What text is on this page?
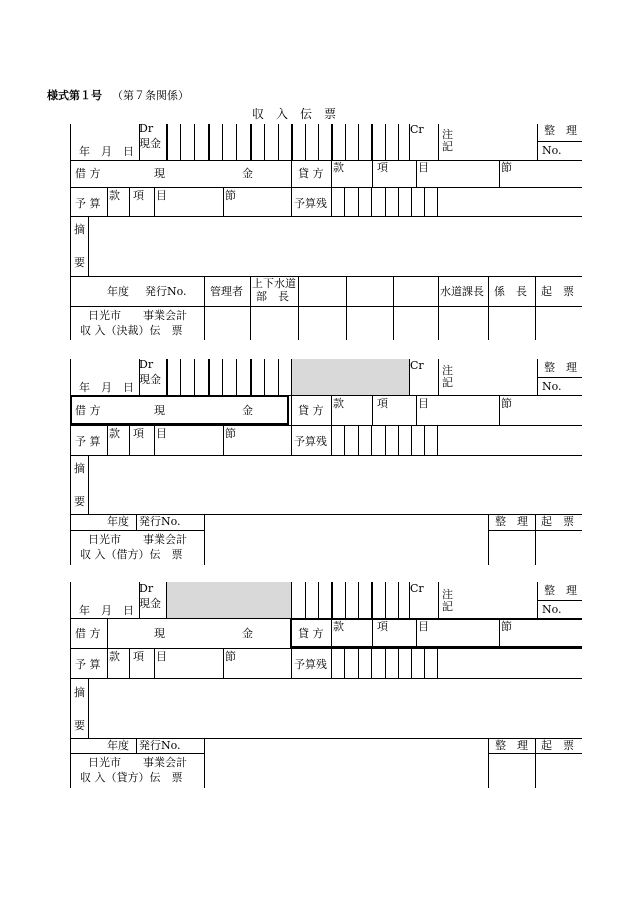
様式第１号 （第７条関係）
収　入　伝　票
年　月　日
Dr
現金
Cr 注記
整　理
No.
借 方	現　　　　　　　金	貸 方 款	項	目	節
予 算
款 項 目	節
予算残
摘
要
年度 発行No. 管理者
上下水道
部　長	水道課長 係　長 起　票
日光市　　事業会計
収 入（決裁）伝　票
年　月　日
Dr
現金
Cr 注記
整　理
No.
借 方	現　　　　　　　金	貸 方
款	項	目	節
予 算
款 項 目	節
予算残
摘
要
年度 発行No.	整　理 起　票
日光市　　事業会計
収 入（借方）伝　票
年　月　日
Dr
現金
Cr 注記
整　理
No.
借 方	現　　　　　　　金	貸 方
款	項	目	節
予 算
款 項 目	節
予算残
摘
要
年度 発行No.	整　理 起　票
日光市　　事業会計
収 入（貸方）伝　票
